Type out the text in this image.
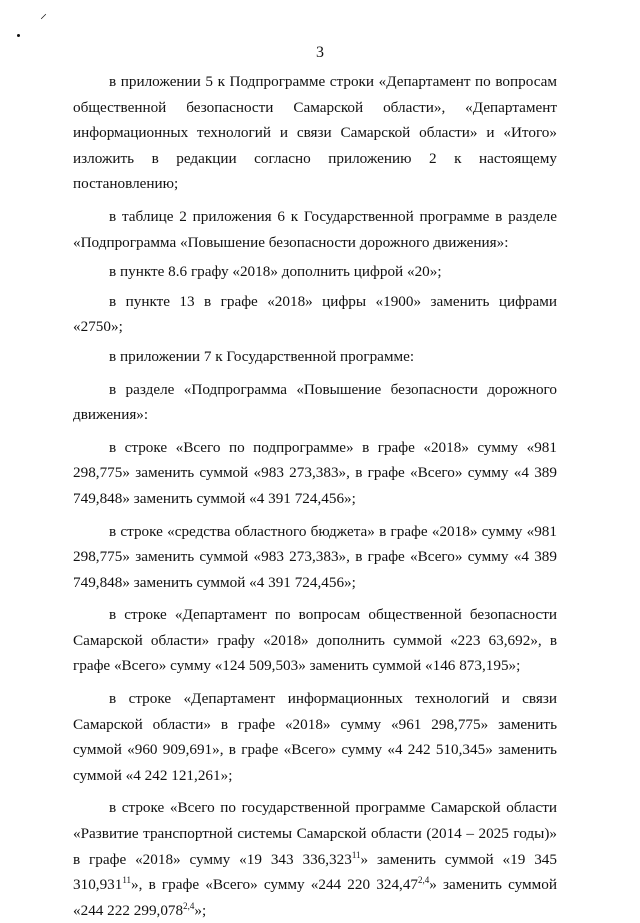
⸝
3

в приложении 5 к Подпрограмме строки «Департамент по вопросам общественной безопасности Самарской области», «Департамент информационных технологий и связи Самарской области» и «Итого» изложить в редакции согласно приложению 2 к настоящему постановлению;

в таблице 2 приложения 6 к Государственной программе в разделе «Подпрограмма «Повышение безопасности дорожного движения»:

в пункте 8.6 графу «2018» дополнить цифрой «20»;

в пункте 13 в графе «2018» цифры «1900» заменить цифрами «2750»;

в приложении 7 к Государственной программе:

в разделе «Подпрограмма «Повышение безопасности дорожного движения»:

в строке «Всего по подпрограмме» в графе «2018» сумму «981 298,775» заменить суммой «983 273,383», в графе «Всего» сумму «4 389 749,848» заменить суммой «4 391 724,456»;

в строке «средства областного бюджета» в графе «2018» сумму «981 298,775» заменить суммой «983 273,383», в графе «Всего» сумму «4 389 749,848» заменить суммой «4 391 724,456»;

в строке «Департамент по вопросам общественной безопасности Самарской области» графу «2018» дополнить суммой «223 63,692», в графе «Всего» сумму «124 509,503» заменить суммой «146 873,195»;

в строке «Департамент информационных технологий и связи Самарской области» в графе «2018» сумму «961 298,775» заменить суммой «960 909,691», в графе «Всего» сумму «4 242 510,345» заменить суммой «4 242 121,261»;

в строке «Всего по государственной программе Самарской области «Развитие транспортной системы Самарской области (2014 – 2025 годы)» в графе «2018» сумму «19 343 336,323$^{11}$» заменить суммой «19 345 310,931$^{11}$», в графе «Всего» сумму «244 220 324,47$^{2,4}$» заменить суммой «244 222 299,078$^{2,4}$»;
